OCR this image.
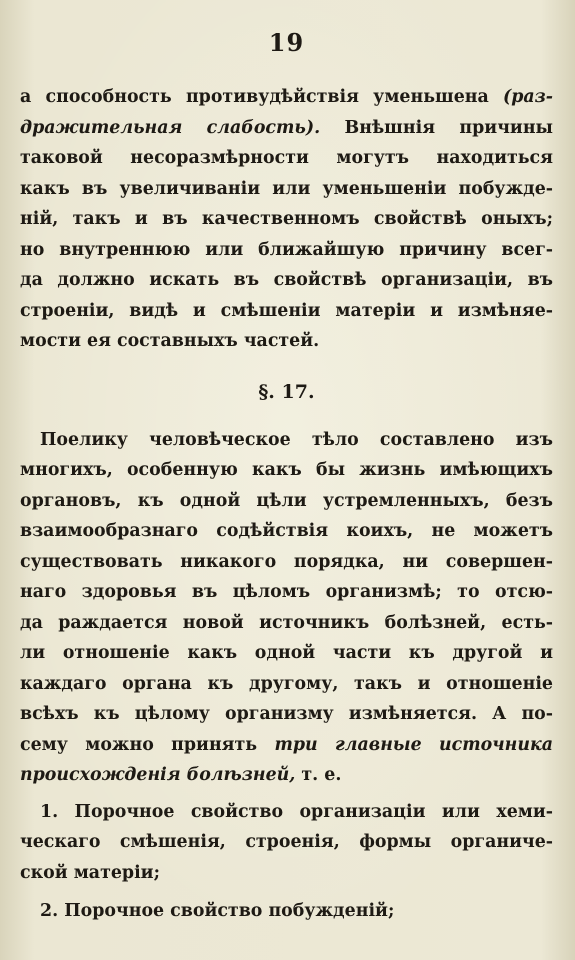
19
а способность противудѣйствія уменьшена (раз-
дражительная слабость). Внѣшнія причины
таковой несоразмѣрности могутъ находиться
какъ въ увеличиваніи или уменьшеніи побужде-
ній, такъ и въ качественномъ свойствѣ оныхъ;
но внутреннюю или ближайшую причину всег-
да должно искать въ свойствѣ организаціи, въ
строеніи, видѣ и смѣшеніи матеріи и измѣняе-
мости ея составныхъ частей.
§. 17.
Поелику человѣческое тѣло составлено изъ
многихъ, особенную какъ бы жизнь имѣющихъ
органовъ, къ одной цѣли устремленныхъ, безъ
взаимообразнаго содѣйствія коихъ, не можетъ
существовать никакого порядка, ни совершен-
наго здоровья въ цѣломъ организмѣ; то отсю-
да раждается новой источникъ болѣзней, есть-
ли отношеніе какъ одной части къ другой и
каждаго органа къ другому, такъ и отношеніе
всѣхъ къ цѣлому организму измѣняется. А по-
сему можно принять три главные источника
происхожденія болѣзней, т. е.
1. Порочное свойство организаціи или хеми-
ческаго смѣшенія, строенія, формы органиче-
ской матеріи;
2. Порочное свойство побужденій;
